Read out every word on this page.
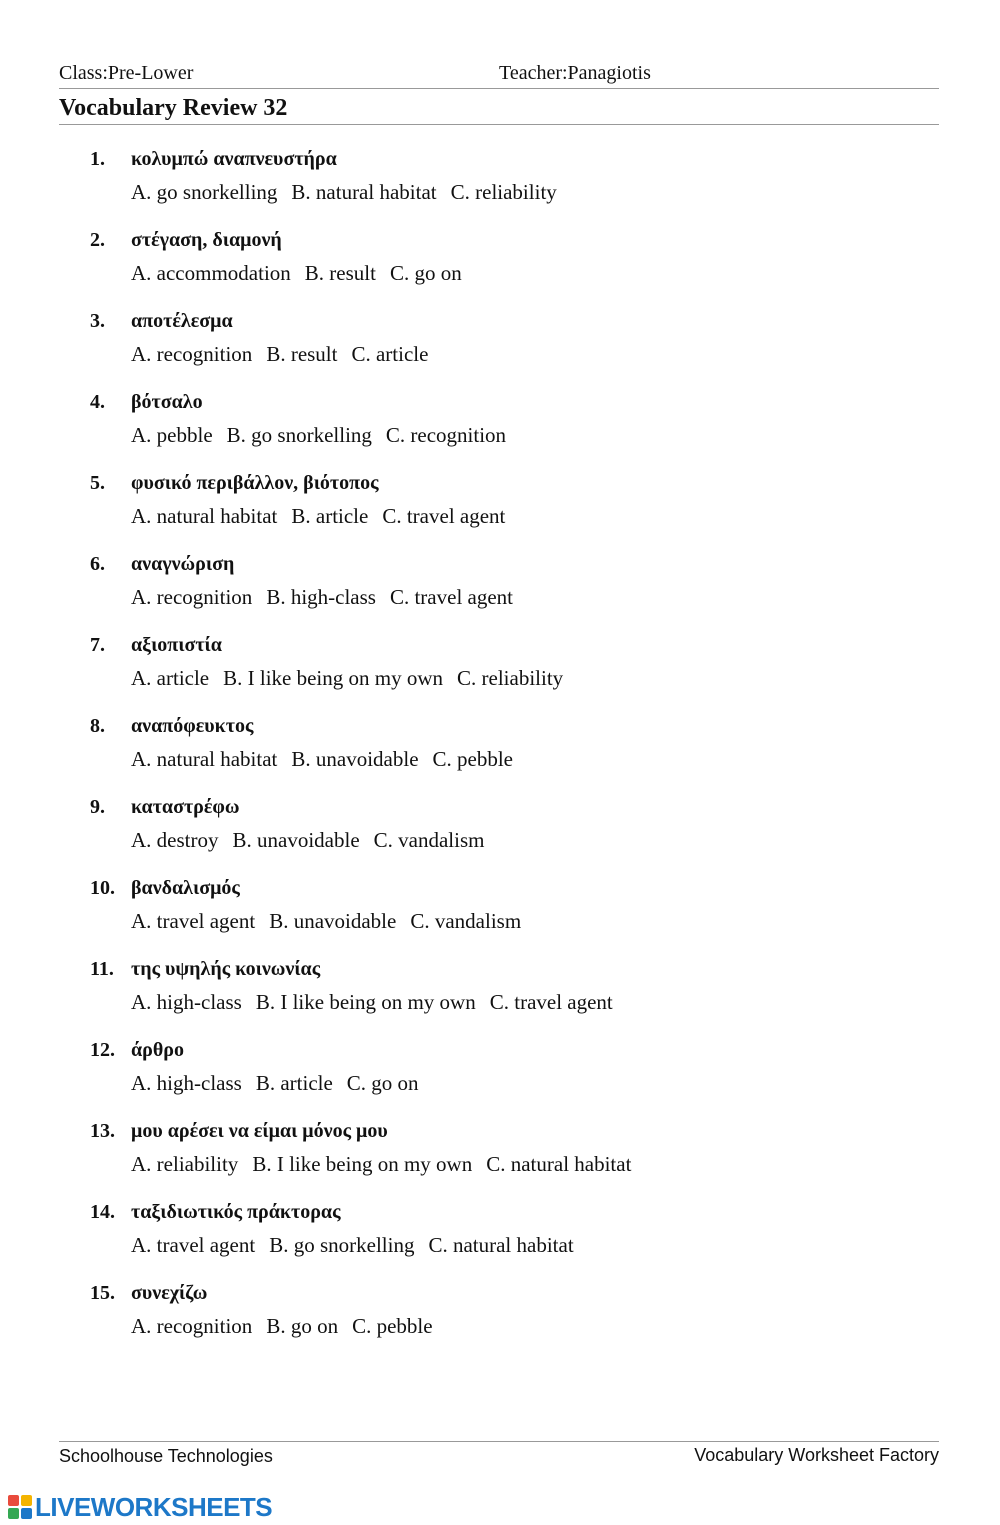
Class:Pre-Lower	Teacher:Panagiotis
Vocabulary Review 32
1. κολυμπώ αναπνευστήρα
A. go snorkelling B. natural habitat C. reliability
2. στέγαση, διαμονή
A. accommodation B. result C. go on
3. αποτέλεσμα
A. recognition B. result C. article
4. βότσαλο
A. pebble B. go snorkelling C. recognition
5. φυσικό περιβάλλον, βιότοπος
A. natural habitat B. article C. travel agent
6. αναγνώριση
A. recognition B. high-class C. travel agent
7. αξιοπιστία
A. article B. I like being on my own C. reliability
8. αναπόφευκτος
A. natural habitat B. unavoidable C. pebble
9. καταστρέφω
A. destroy B. unavoidable C. vandalism
10. βανδαλισμός
A. travel agent B. unavoidable C. vandalism
11. της υψηλής κοινωνίας
A. high-class B. I like being on my own C. travel agent
12. άρθρο
A. high-class B. article C. go on
13. μου αρέσει να είμαι μόνος μου
A. reliability B. I like being on my own C. natural habitat
14. ταξιδιωτικός πράκτορας
A. travel agent B. go snorkelling C. natural habitat
15. συνεχίζω
A. recognition B. go on C. pebble
Schoolhouse Technologies	Vocabulary Worksheet Factory
LIVEWORKSHEETS
